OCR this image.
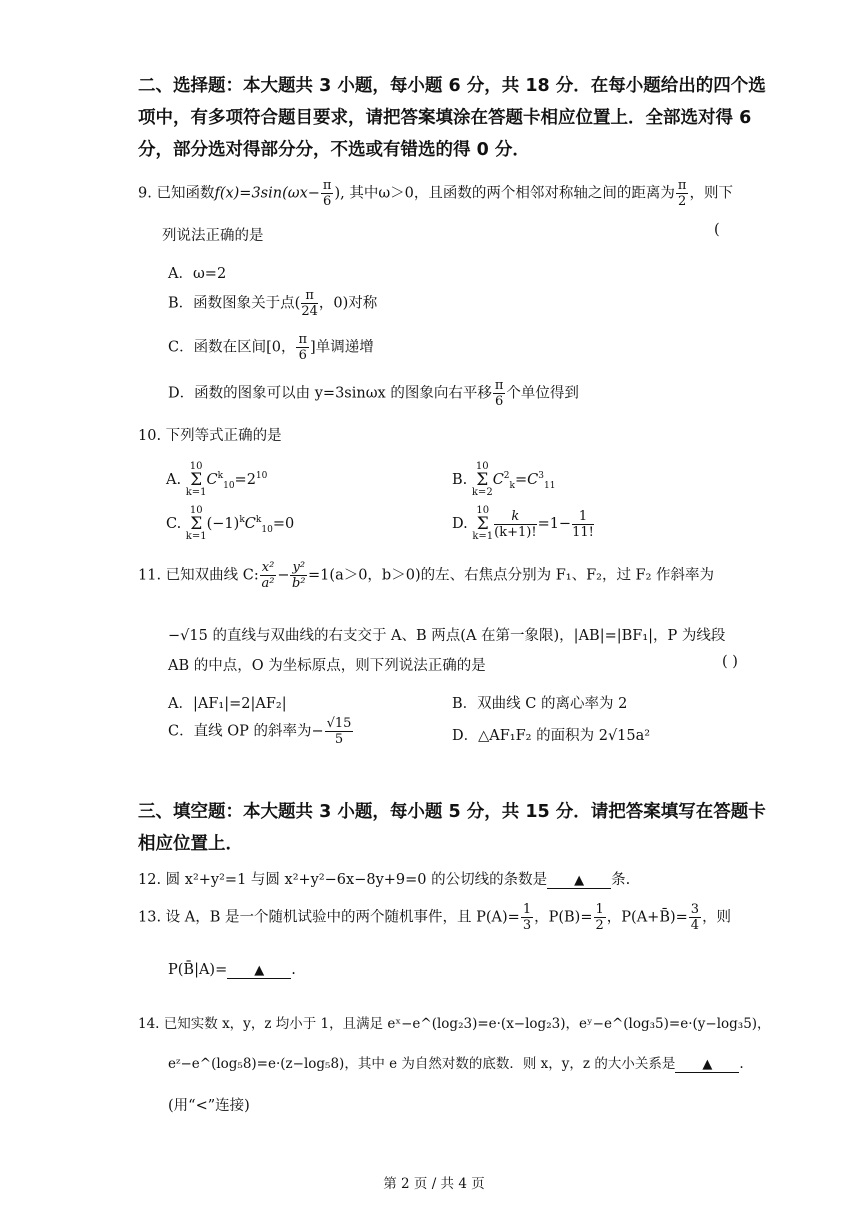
二、选择题：本大题共 3 小题，每小题 6 分，共 18 分．在每小题给出的四个选项中，有多项符合题目要求，请把答案填涂在答题卡相应位置上．全部选对得 6 分，部分选对得部分分，不选或有错选的得 0 分．
9. 已知函数$f(x)=3\sin(\omega x- \frac{\pi}{6}$ ), 其中ω＞0，且函数的两个相邻对称轴之间的距离为 $\frac{\pi}{2}$ ，则下
列说法正确的是	(
A．ω=2
B．函数图象关于点( $\frac{\pi}{24}$ ，0)对称
C．函数在区间[0， $\frac{\pi}{6}$ ]单调递增
D．函数的图象可以由 y=3sinωx 的图象向右平移 $\frac{\pi}{6}$ 个单位得到
10. 下列等式正确的是
A. 10
Σ
$k=1C^k_{10}=2^{10}$	B. 10
Σ
$k=2C^2_k=C^3_{11}$
C. 10
Σ
$k=1(-1)^kC^k_{10}=0$	D. 10
Σ
$k=1 \frac{k}{(k+1)!} =1- \frac{1}{11!}$
11. 已知双曲线 C: $\frac{\text{x²}}{\text{a²}} - \frac{\text{y²}}{\text{b²}} =1(a>0$，b＞0)的左、右焦点分别为 F₁、F₂，过 F₂ 作斜率为
−√15 的直线与双曲线的右支交于 A、B 两点(A 在第一象限)，|AB|=|BF₁|，P 为线段
AB 的中点，O 为坐标原点，则下列说法正确的是	( )
A．|AF₁|=2|AF₂|	B．双曲线 C 的离心率为 2
C．直线 OP 的斜率为− $\frac{√15}{5}$	D．△AF₁F₂ 的面积为 2√15a²
三、填空题：本大题共 3 小题，每小题 5 分，共 15 分．请把答案填写在答题卡相应位置上．
12. 圆 x²+y²=1 与圆 x²+y²−6x−8y+9=0 的公切线的条数是 ▲ 条.
13. 设 A，B 是一个随机试验中的两个随机事件，且 $P(A)= \frac{1}{3}$ ，$P(B)= \frac{1}{2}$ ，P(A+B̄)= $\frac{3}{4}$ ，则
P(B̄|A)= ▲ .
14. 已知实数 x，y，z 均小于 1，且满足 eˣ−e^(log₂3)=e·(x−log₂3)，eʸ−e^(log₃5)=e·(y−log₃5)，
eᶻ−e^(log₅8)=e·(z−log₅8)，其中 e 为自然对数的底数．则 x，y，z 的大小关系是 ▲ .
(用“<”连接)
第 2 页 / 共 4 页
